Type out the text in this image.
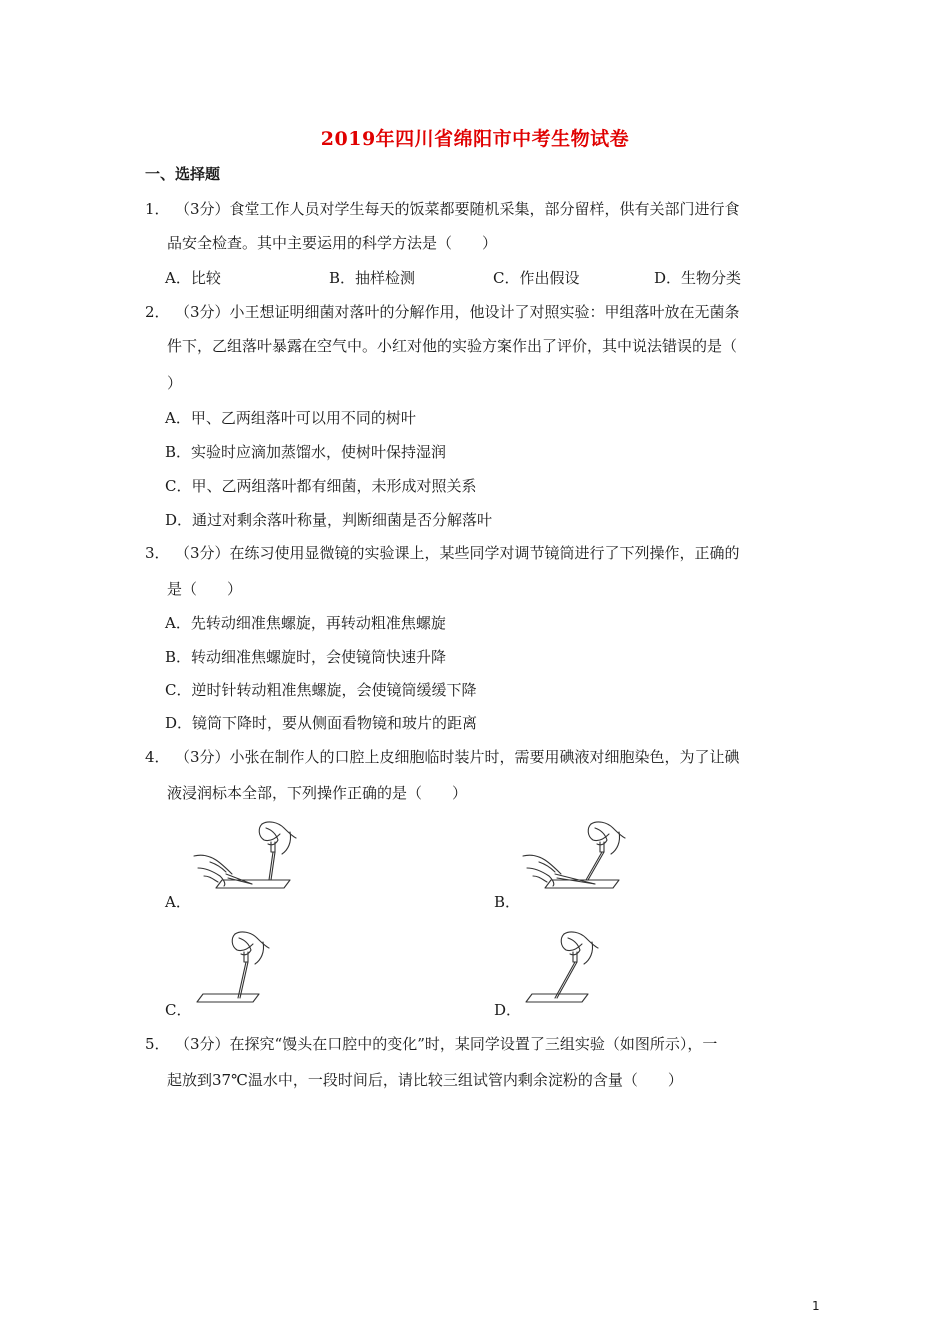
2019年四川省绵阳市中考生物试卷
一、选择题
1． （3分）食堂工作人员对学生每天的饭菜都要随机采集，部分留样，供有关部门进行食
品安全检查。其中主要运用的科学方法是（　　）
A．比较	B．抽样检测	C．作出假设	D．生物分类
2． （3分）小王想证明细菌对落叶的分解作用，他设计了对照实验：甲组落叶放在无菌条
件下，乙组落叶暴露在空气中。小红对他的实验方案作出了评价，其中说法错误的是（
）
A．甲、乙两组落叶可以用不同的树叶
B．实验时应滴加蒸馏水，使树叶保持湿润
C．甲、乙两组落叶都有细菌，未形成对照关系
D．通过对剩余落叶称量，判断细菌是否分解落叶
3． （3分）在练习使用显微镜的实验课上，某些同学对调节镜筒进行了下列操作，正确的
是（　　）
A．先转动细准焦螺旋，再转动粗准焦螺旋
B．转动细准焦螺旋时，会使镜筒快速升降
C．逆时针转动粗准焦螺旋，会使镜筒缓缓下降
D．镜筒下降时，要从侧面看物镜和玻片的距离
4． （3分）小张在制作人的口腔上皮细胞临时装片时，需要用碘液对细胞染色，为了让碘
液浸润标本全部，下列操作正确的是（　　）
A．	B．
C．	D．
5． （3分）在探究“馒头在口腔中的变化”时，某同学设置了三组实验（如图所示），一
起放到37℃温水中，一段时间后，请比较三组试管内剩余淀粉的含量（　　）
1
